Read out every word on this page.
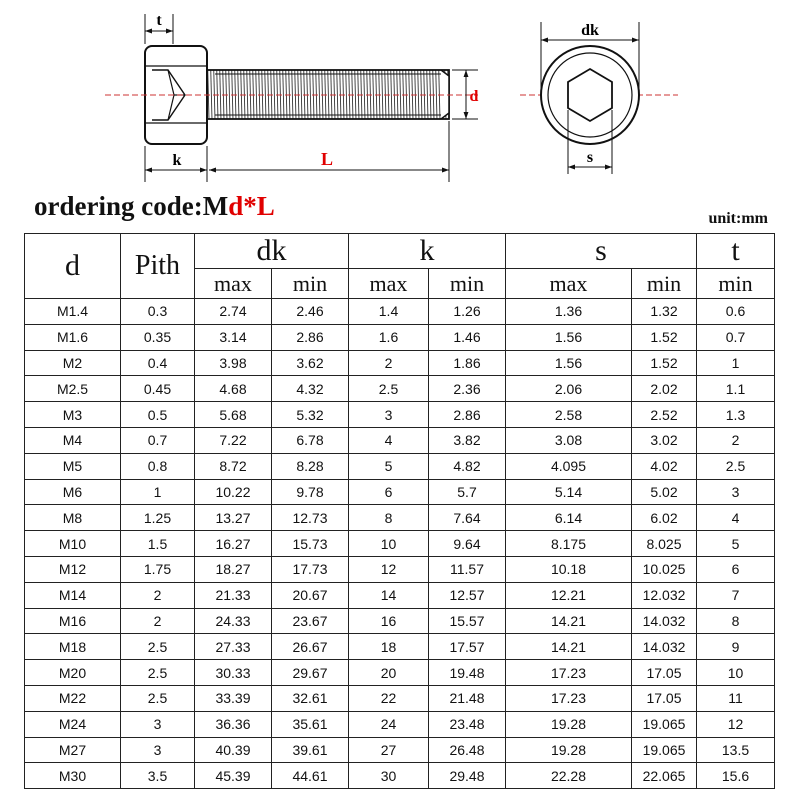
t
k	L
d
dk
s
ordering code:Md*L	unit:mm
d	Pith	dk		k		s		t
		max	min	max	min	max	min	min
M1.4	0.3	2.74	2.46	1.4	1.26	1.36	1.32	0.6
M1.6	0.35	3.14	2.86	1.6	1.46	1.56	1.52	0.7
M2	0.4	3.98	3.62	2	1.86	1.56	1.52	1
M2.5	0.45	4.68	4.32	2.5	2.36	2.06	2.02	1.1
M3	0.5	5.68	5.32	3	2.86	2.58	2.52	1.3
M4	0.7	7.22	6.78	4	3.82	3.08	3.02	2
M5	0.8	8.72	8.28	5	4.82	4.095	4.02	2.5
M6	1	10.22	9.78	6	5.7	5.14	5.02	3
M8	1.25	13.27	12.73	8	7.64	6.14	6.02	4
M10	1.5	16.27	15.73	10	9.64	8.175	8.025	5
M12	1.75	18.27	17.73	12	11.57	10.18	10.025	6
M14	2	21.33	20.67	14	12.57	12.21	12.032	7
M16	2	24.33	23.67	16	15.57	14.21	14.032	8
M18	2.5	27.33	26.67	18	17.57	14.21	14.032	9
M20	2.5	30.33	29.67	20	19.48	17.23	17.05	10
M22	2.5	33.39	32.61	22	21.48	17.23	17.05	11
M24	3	36.36	35.61	24	23.48	19.28	19.065	12
M27	3	40.39	39.61	27	26.48	19.28	19.065	13.5
M30	3.5	45.39	44.61	30	29.48	22.28	22.065	15.6
